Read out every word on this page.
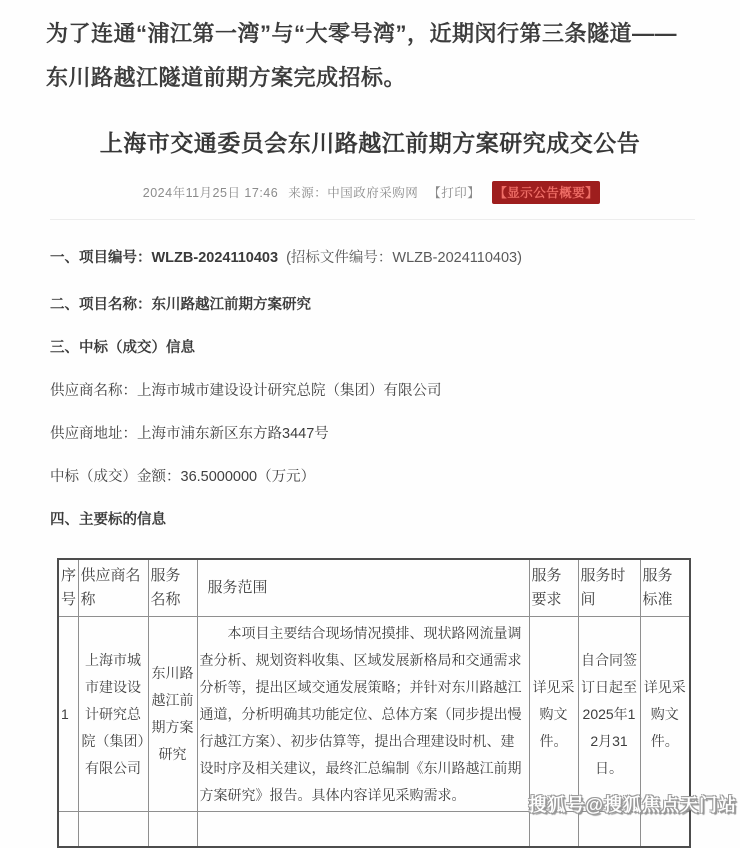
为了连通“浦江第一湾”与“大零号湾”，近期闵行第三条隧道——东川路越江隧道前期方案完成招标。
上海市交通委员会东川路越江前期方案研究成交公告
2024年11月25日 17:46 来源：中国政府采购网 【打印】 【显示公告概要】
一、项目编号：WLZB-2024110403 (招标文件编号：WLZB-2024110403)
二、项目名称：东川路越江前期方案研究
三、中标（成交）信息
供应商名称：上海市城市建设设计研究总院（集团）有限公司
供应商地址：上海市浦东新区东方路3447号
中标（成交）金额：36.5000000（万元）
四、主要标的信息
序号	供应商名称	服务名称	服务范围	服务要求	服务时间	服务标准
1	上海市城市建设设计研究总院（集团）有限公司	东川路越江前期方案研究	本项目主要结合现场情况摸排、现状路网流量调查分析、规划资料收集、区域发展新格局和交通需求分析等，提出区域交通发展策略；并针对东川路越江通道，分析明确其功能定位、总体方案（同步提出慢行越江方案）、初步估算等，提出合理建设时机、建设时序及相关建议，最终汇总编制《东川路越江前期方案研究》报告。具体内容详见采购需求。	详见采购文件。	自合同签订日起至2025年12月31日。	详见采购文件。

搜狐号@搜狐焦点天门站
